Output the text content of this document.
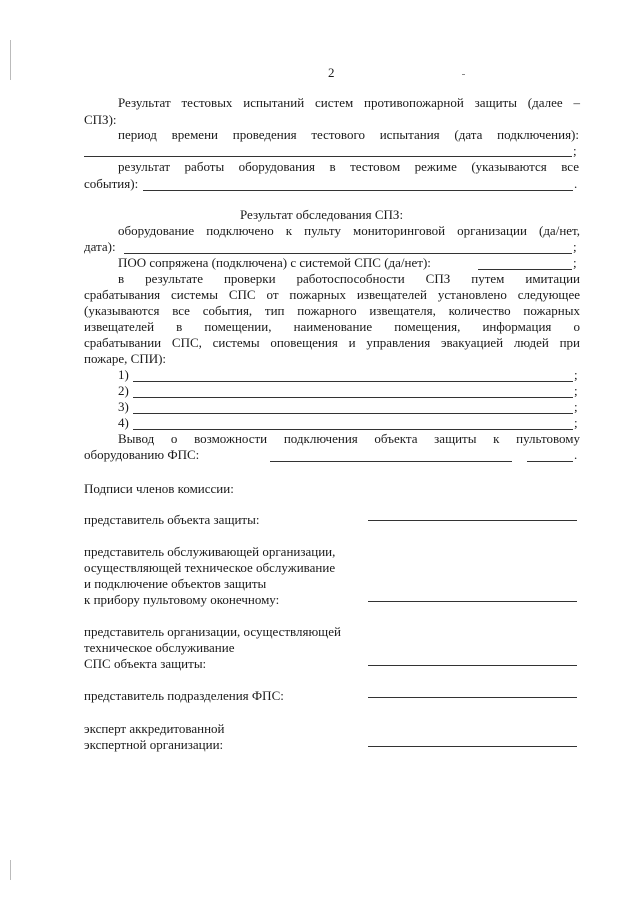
2
Результат тестовых испытаний систем противопожарной защиты (далее –
СПЗ):
период времени проведения тестового испытания (дата подключения):
;
результат работы оборудования в тестовом режиме (указываются все
события):	.
Результат обследования СПЗ:
оборудование подключено к пульту мониторинговой организации (да/нет,
дата):	;
ПОО сопряжена (подключена) с системой СПС (да/нет):	;
в результате проверки работоспособности СПЗ путем имитации
срабатывания системы СПС от пожарных извещателей установлено следующее
(указываются все события, тип пожарного извещателя, количество пожарных
извещателей в помещении, наименование помещения, информация о
срабатывании СПС, системы оповещения и управления эвакуацией людей при
пожаре, СПИ):
1)	;
2)	;
3)	;
4)	;
Вывод о возможности подключения объекта защиты к пультовому
оборудованию ФПС:	.
Подписи членов комиссии:
представитель объекта защиты:
представитель обслуживающей организации,
осуществляющей техническое обслуживание
и подключение объектов защиты
к прибору пультовому оконечному:
представитель организации, осуществляющей
техническое обслуживание
СПС объекта защиты:
представитель подразделения ФПС:
эксперт аккредитованной
экспертной организации:
